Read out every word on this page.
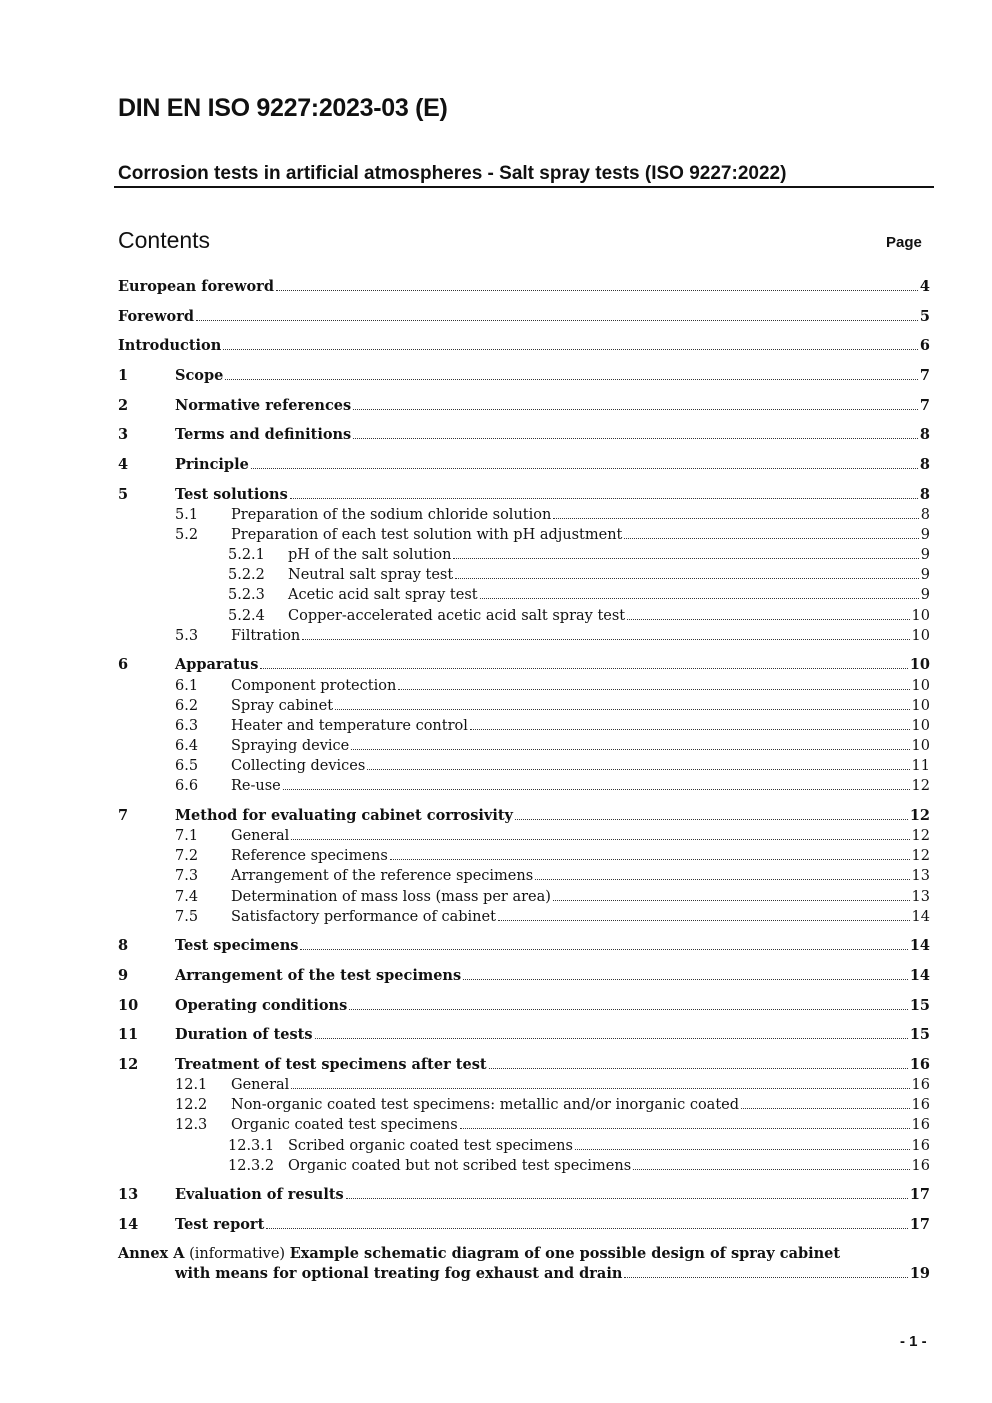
DIN EN ISO 9227:2023-03 (E)
Corrosion tests in artificial atmospheres - Salt spray tests (ISO 9227:2022)
Contents	Page
European foreword	4
Foreword	5
Introduction	6
1	Scope	7
2	Normative references	7
3	Terms and definitions	8
4	Principle	8
5	Test solutions	8
5.1	Preparation of the sodium chloride solution	8
5.2	Preparation of each test solution with pH adjustment	9
5.2.1	pH of the salt solution	9
5.2.2	Neutral salt spray test	9
5.2.3	Acetic acid salt spray test	9
5.2.4	Copper-accelerated acetic acid salt spray test	10
5.3	Filtration	10
6	Apparatus	10
6.1	Component protection	10
6.2	Spray cabinet	10
6.3	Heater and temperature control	10
6.4	Spraying device	10
6.5	Collecting devices	11
6.6	Re-use	12
7	Method for evaluating cabinet corrosivity	12
7.1	General	12
7.2	Reference specimens	12
7.3	Arrangement of the reference specimens	13
7.4	Determination of mass loss (mass per area)	13
7.5	Satisfactory performance of cabinet	14
8	Test specimens	14
9	Arrangement of the test specimens	14
10	Operating conditions	15
11	Duration of tests	15
12	Treatment of test specimens after test	16
12.1	General	16
12.2	Non-organic coated test specimens: metallic and/or inorganic coated	16
12.3	Organic coated test specimens	16
12.3.1 Scribed organic coated test specimens	16
12.3.2 Organic coated but not scribed test specimens	16
13	Evaluation of results	17
14	Test report	17
Annex A (informative) Example schematic diagram of one possible design of spray cabinet
with means for optional treating fog exhaust and drain	19
- 1 -
